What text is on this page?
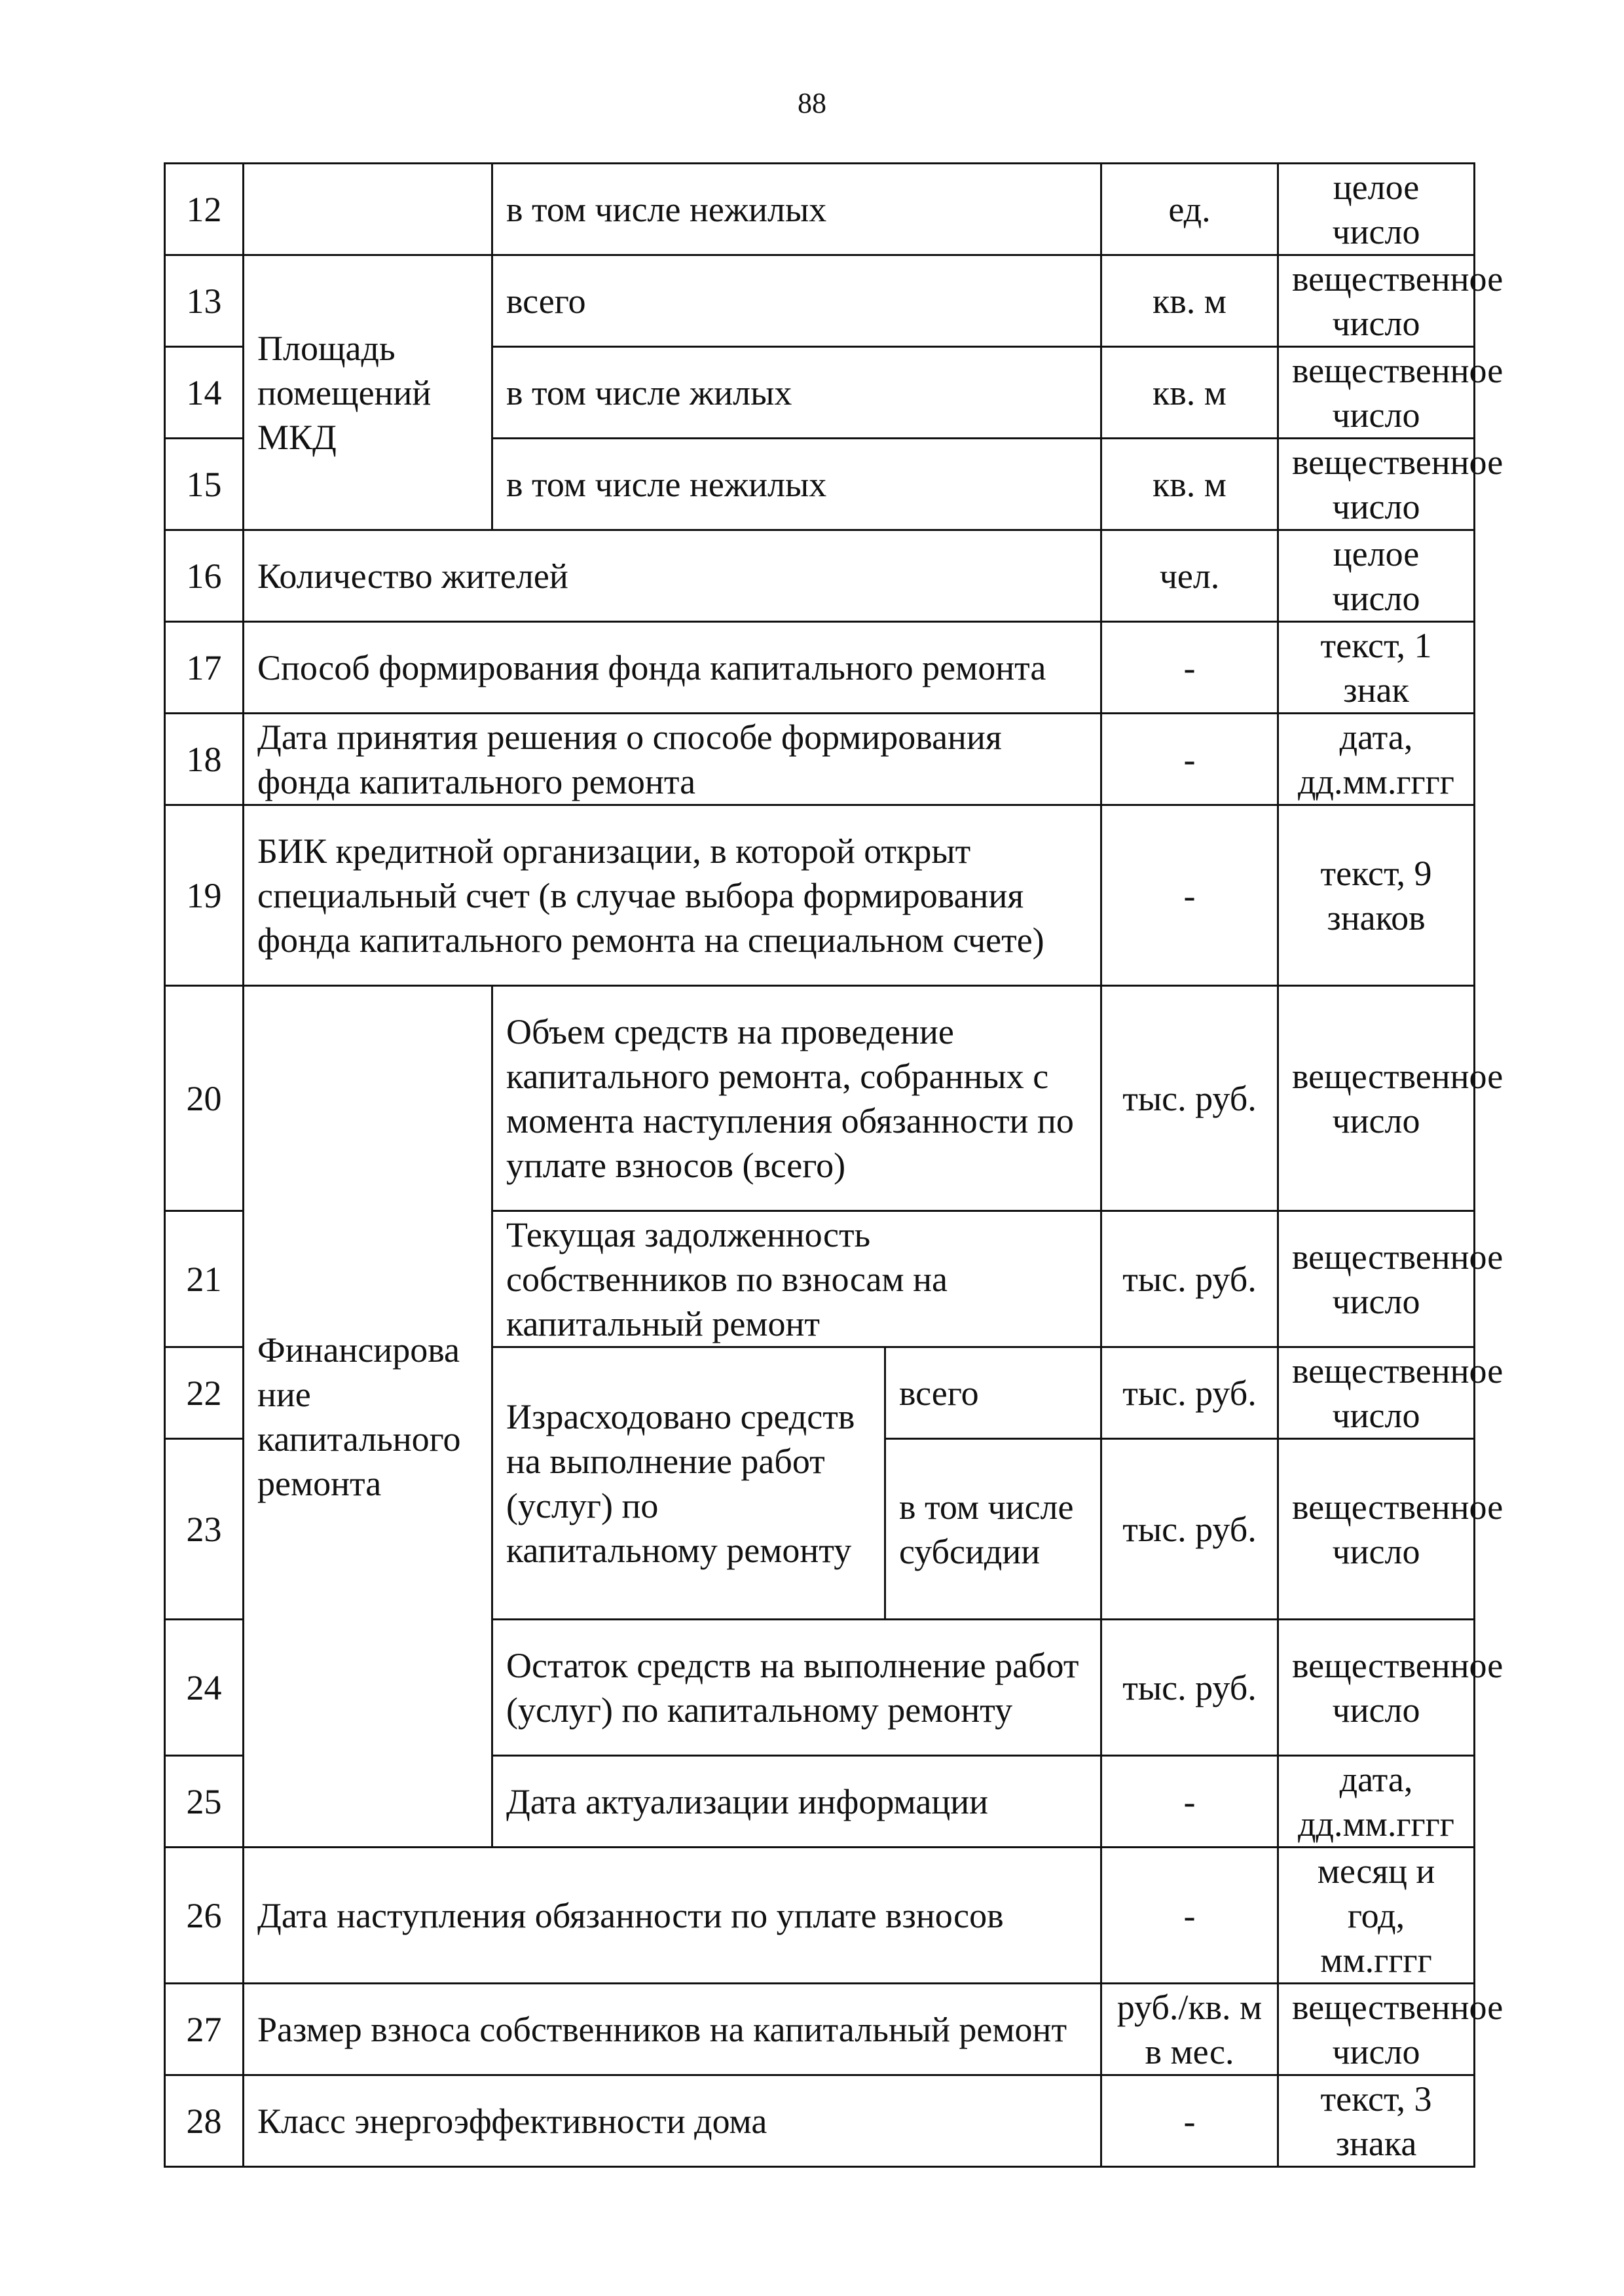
88
12		в том числе нежилых		ед.	целое число
13	Площадь помещений МКД	всего		кв. м	вещественное число
14		в том числе жилых		кв. м	вещественное число
15		в том числе нежилых		кв. м	вещественное число
16	Количество жителей			чел.	целое число
17	Способ формирования фонда капитального ремонта			-	текст, 1 знак
18	Дата принятия решения о способе формирования фонда капитального ремонта			-	дата, дд.мм.гггг
19	БИК кредитной организации, в которой открыт специальный счет (в случае выбора формирования фонда капитального ремонта на специальном счете)			-	текст, 9 знаков
20	Финансирова ние капитального ремонта	Объем средств на проведение капитального ремонта, собранных с момента наступления обязанности по уплате взносов (всего)		тыс. руб.	вещественное число
21		Текущая задолженность собственников по взносам на капитальный ремонт		тыс. руб.	вещественное число
22		Израсходовано средств на выполнение работ (услуг) по капитальному ремонту	всего	тыс. руб.	вещественное число
23			в том числе субсидии	тыс. руб.	вещественное число
24		Остаток средств на выполнение работ (услуг) по капитальному ремонту		тыс. руб.	вещественное число
25		Дата актуализации информации		-	дата, дд.мм.гггг
26	Дата наступления обязанности по уплате взносов			-	месяц и год, мм.гггг
27	Размер взноса собственников на капитальный ремонт			руб./кв. м в мес.	вещественное число
28	Класс энергоэффективности дома			-	текст, 3 знака
